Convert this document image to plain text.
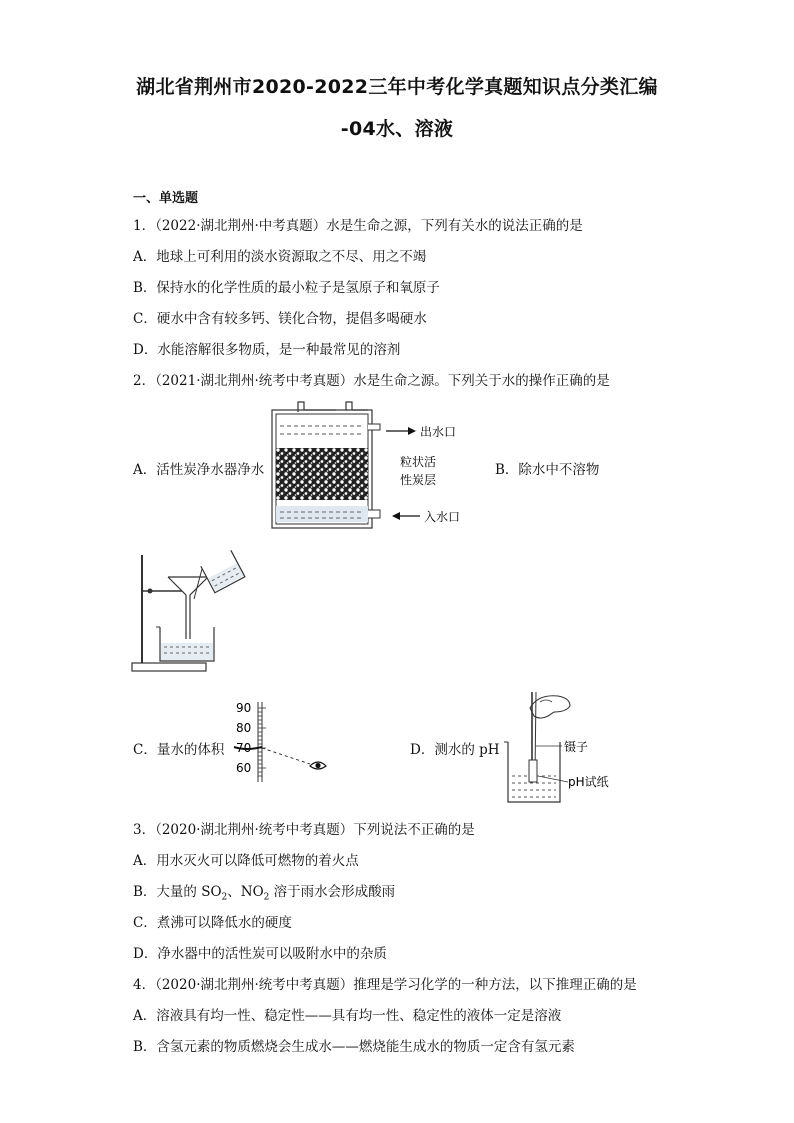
湖北省荆州市2020-2022三年中考化学真题知识点分类汇编
-04水、溶液
一、单选题
1．（2022·湖北荆州·中考真题）水是生命之源，下列有关水的说法正确的是
A．地球上可利用的淡水资源取之不尽、用之不竭
B．保持水的化学性质的最小粒子是氢原子和氧原子
C．硬水中含有较多钙、镁化合物，提倡多喝硬水
D．水能溶解很多物质，是一种最常见的溶剂
2．（2021·湖北荆州·统考中考真题）水是生命之源。下列关于水的操作正确的是
A．活性炭净水器净水	B．除水中不溶物
出水口
粒状活
性炭层
入水口
C．量水的体积
90
80
70
60
D．测水的 pH	镊子
pH试纸
3．（2020·湖北荆州·统考中考真题）下列说法不正确的是
A．用水灭火可以降低可燃物的着火点
B．大量的 $SO_2$、$NO_2$ 溶于雨水会形成酸雨
C．煮沸可以降低水的硬度
D．净水器中的活性炭可以吸附水中的杂质
4．（2020·湖北荆州·统考中考真题）推理是学习化学的一种方法，以下推理正确的是
A．溶液具有均一性、稳定性——具有均一性、稳定性的液体一定是溶液
B．含氢元素的物质燃烧会生成水——燃烧能生成水的物质一定含有氢元素
